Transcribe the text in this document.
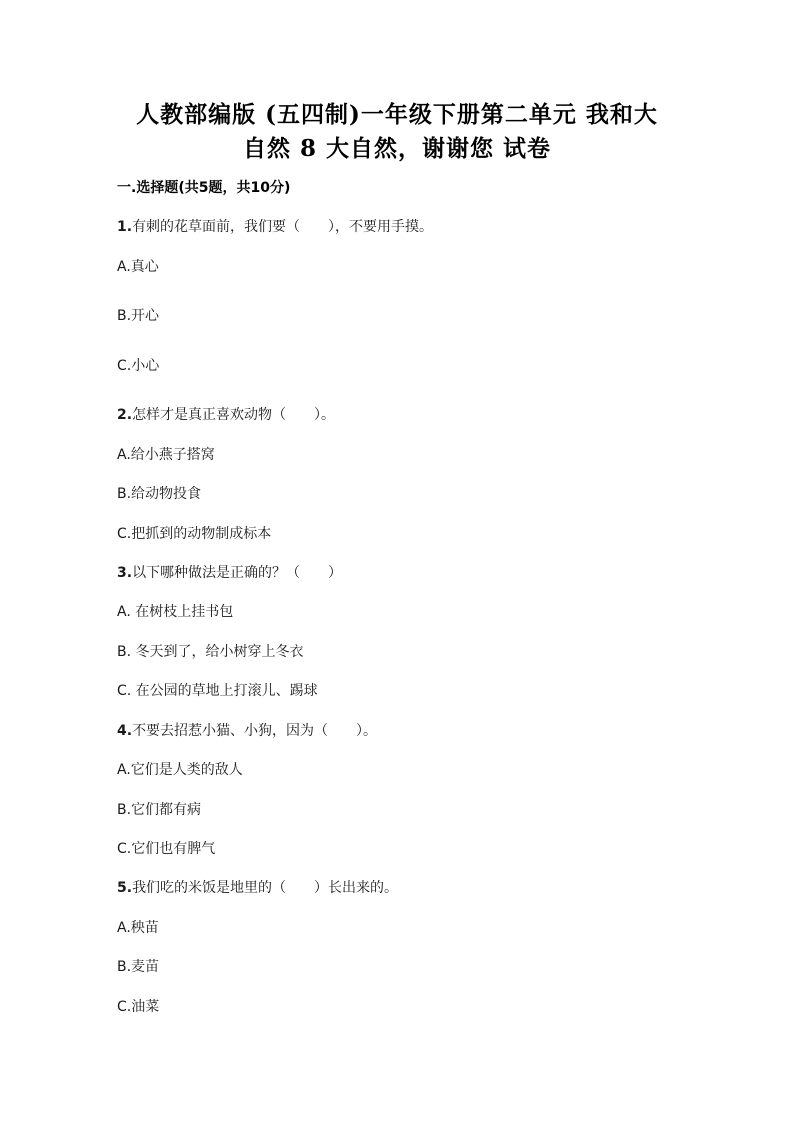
人教部编版 (五四制)一年级下册第二单元 我和大
自然 8 大自然，谢谢您 试卷
一.选择题(共5题，共10分)
1.有刺的花草面前，我们要（　　），不要用手摸。
A.真心
B.开心
C.小心
2.怎样才是真正喜欢动物（　　）。
A.给小燕子搭窝
B.给动物投食
C.把抓到的动物制成标本
3.以下哪种做法是正确的？（　　）
A. 在树枝上挂书包
B. 冬天到了，给小树穿上冬衣
C. 在公园的草地上打滚儿、踢球
4.不要去招惹小猫、小狗，因为（　　）。
A.它们是人类的敌人
B.它们都有病
C.它们也有脾气
5.我们吃的米饭是地里的（　　）长出来的。
A.秧苗
B.麦苗
C.油菜
